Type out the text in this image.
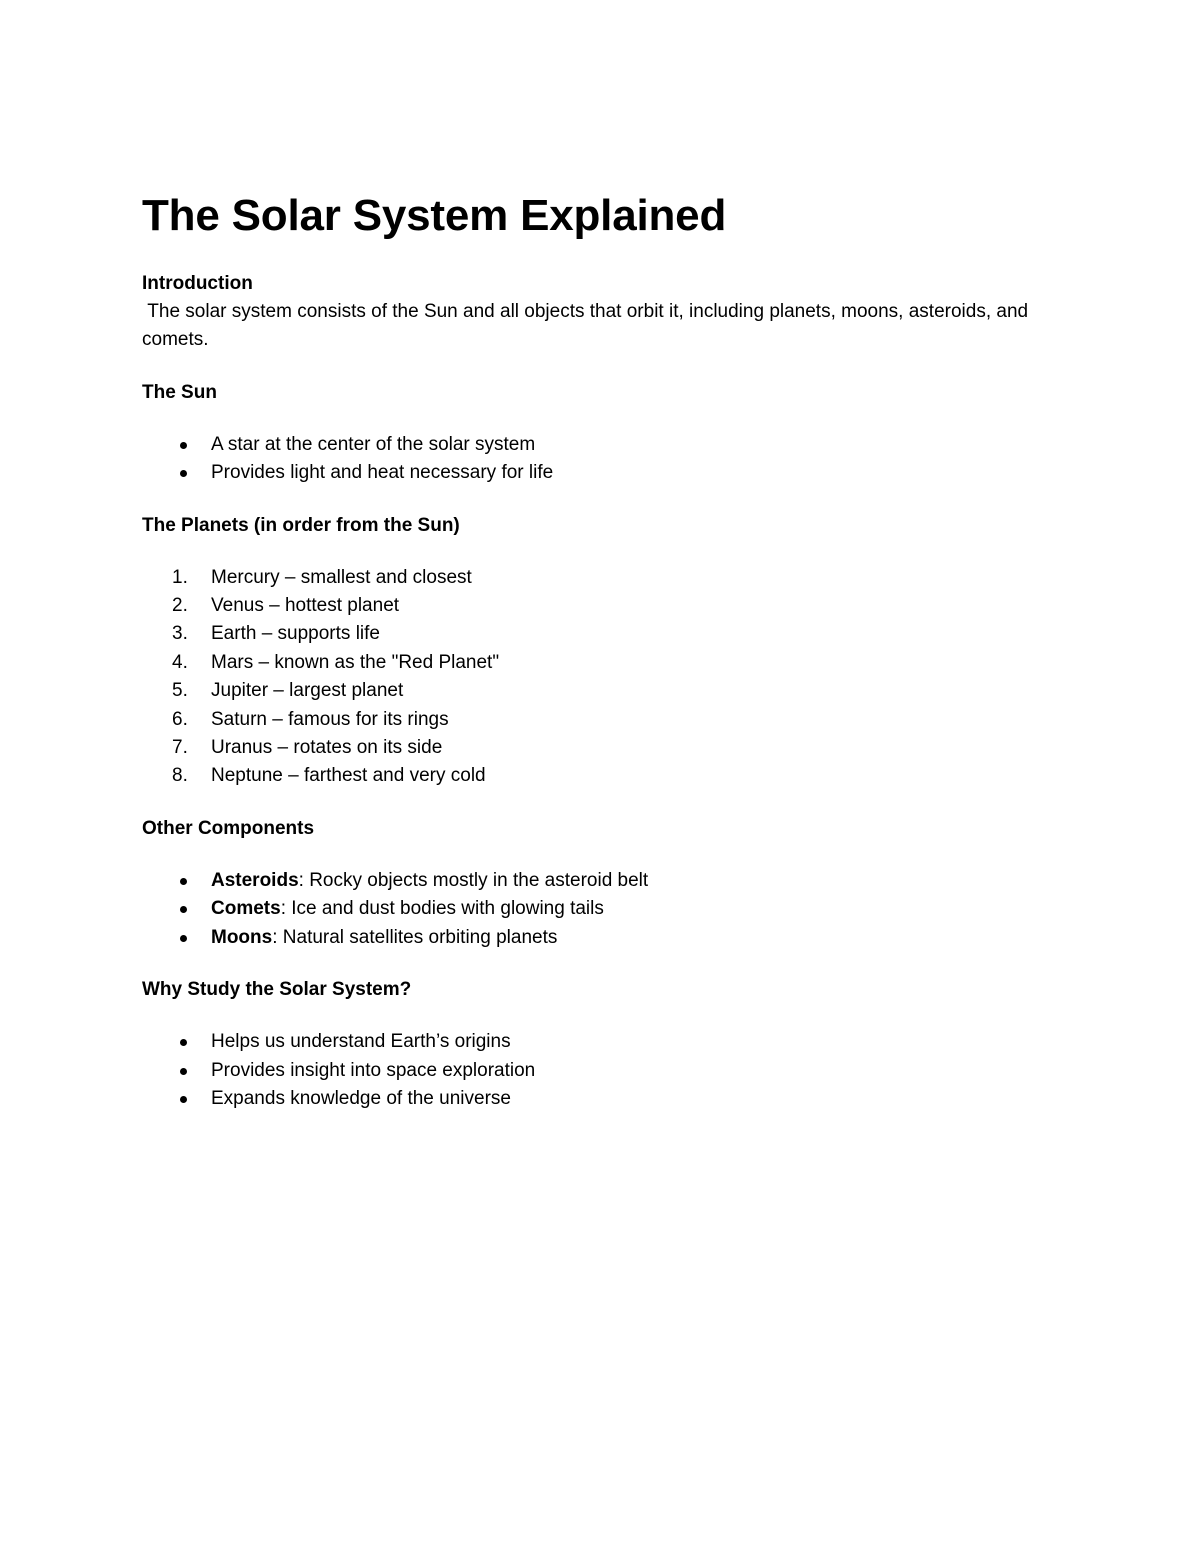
The Solar System Explained
Introduction

The solar system consists of the Sun and all objects that orbit it, including planets, moons, asteroids, and comets.

The Sun
A star at the center of the solar system
Provides light and heat necessary for life
The Planets (in order from the Sun)
1.	Mercury – smallest and closest
2.	Venus – hottest planet
3.	Earth – supports life
4.	Mars – known as the "Red Planet"
5.	Jupiter – largest planet
6.	Saturn – famous for its rings
7.	Uranus – rotates on its side
8.	Neptune – farthest and very cold
Other Components
Asteroids: Rocky objects mostly in the asteroid belt
Comets: Ice and dust bodies with glowing tails
Moons: Natural satellites orbiting planets
Why Study the Solar System?
Helps us understand Earth’s origins
Provides insight into space exploration
Expands knowledge of the universe
